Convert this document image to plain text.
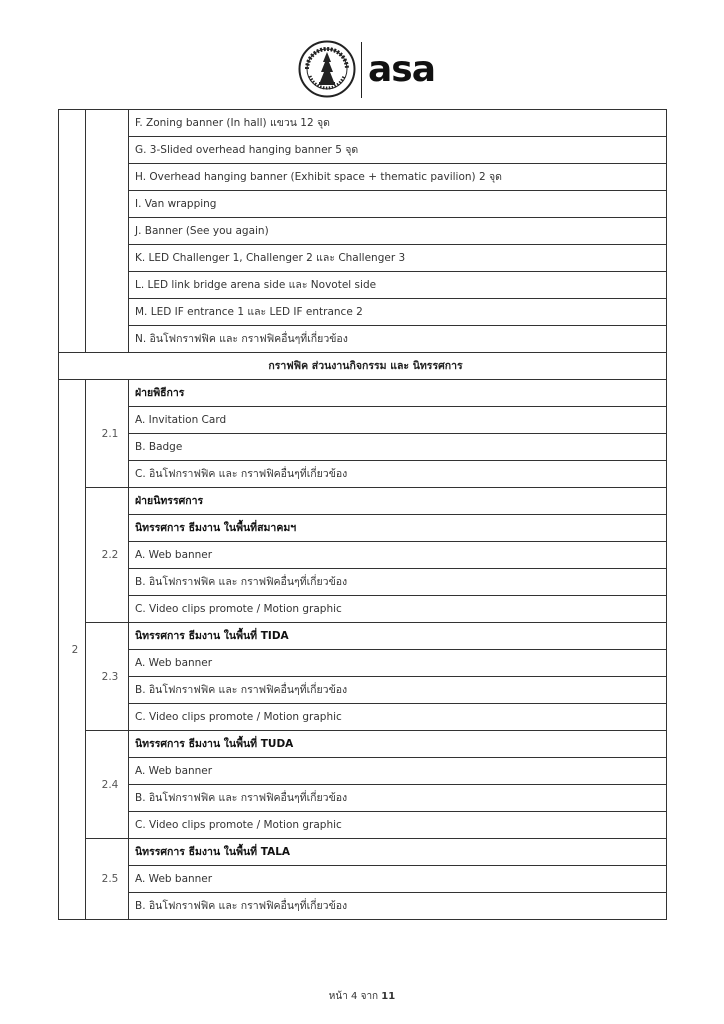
asa
		F. Zoning banner (In hall) แขวน 12 จุด
		G. 3-Slided overhead hanging banner 5 จุด
		H. Overhead hanging banner (Exhibit space + thematic pavilion) 2 จุด
		I. Van wrapping
		J. Banner (See you again)
		K. LED Challenger 1, Challenger 2 และ Challenger 3
		L. LED link bridge arena side และ Novotel side
		M. LED IF entrance 1 และ LED IF entrance 2
		N. อินโฟกราฟฟิค และ กราฟฟิคอื่นๆที่เกี่ยวข้อง
กราฟฟิค ส่วนงานกิจกรรม และ นิทรรศการ		
2	2.1	ฝ่ายพิธีการ
		A. Invitation Card
		B. Badge
		C. อินโฟกราฟฟิค และ กราฟฟิคอื่นๆที่เกี่ยวข้อง
	2.2	ฝ่ายนิทรรศการ
		นิทรรศการ ธีมงาน ในพื้นที่สมาคมฯ
		A. Web banner
		B. อินโฟกราฟฟิค และ กราฟฟิคอื่นๆที่เกี่ยวข้อง
		C. Video clips promote / Motion graphic
	2.3	นิทรรศการ ธีมงาน ในพื้นที่ TIDA
		A. Web banner
		B. อินโฟกราฟฟิค และ กราฟฟิคอื่นๆที่เกี่ยวข้อง
		C. Video clips promote / Motion graphic
	2.4	นิทรรศการ ธีมงาน ในพื้นที่ TUDA
		A. Web banner
		B. อินโฟกราฟฟิค และ กราฟฟิคอื่นๆที่เกี่ยวข้อง
		C. Video clips promote / Motion graphic
	2.5	นิทรรศการ ธีมงาน ในพื้นที่ TALA
		A. Web banner
		B. อินโฟกราฟฟิค และ กราฟฟิคอื่นๆที่เกี่ยวข้อง
หน้า 4 จาก 11
